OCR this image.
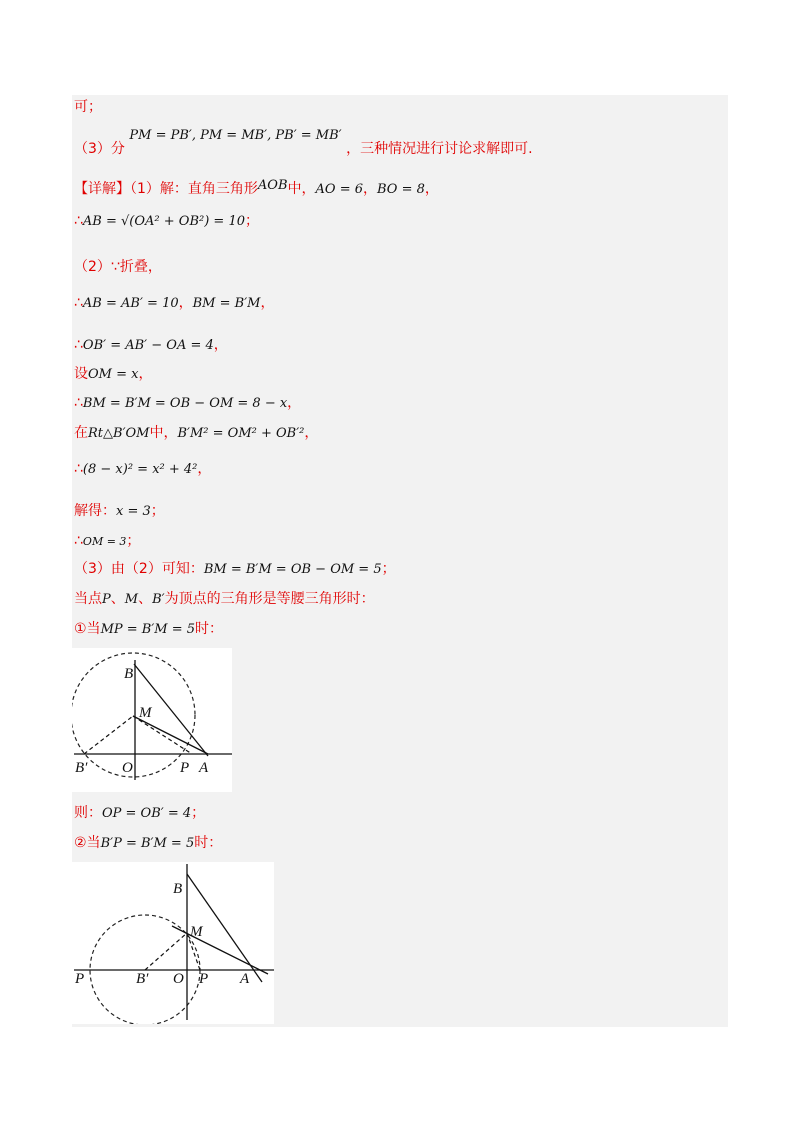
可；
（3）分 PM = PB′, PM = MB′, PB′ = MB′ ，三种情况进行讨论求解即可.
【详解】（1）解：直角三角形AOB中，AO = 6，BO = 8，
∴AB = √(OA² + OB²) = 10；
（2）∵折叠，
∴AB = AB′ = 10，BM = B′M，
∴OB′ = AB′ − OA = 4，
设OM = x，
∴BM = B′M = OB − OM = 8 − x，
在Rt△B′OM中，B′M² = OM² + OB′²，
∴(8 − x)² = x² + 4²，
解得：x = 3；
∴OM = 3；
（3）由（2）可知：BM = B′M = OB − OM = 5；
当点P、M、B′为顶点的三角形是等腰三角形时：
①当MP = B′M = 5时：
B
M
B′ O	P A
则：OP = OB′ = 4；
②当B′P = B′M = 5时：
B
M
P	B′ O P A
